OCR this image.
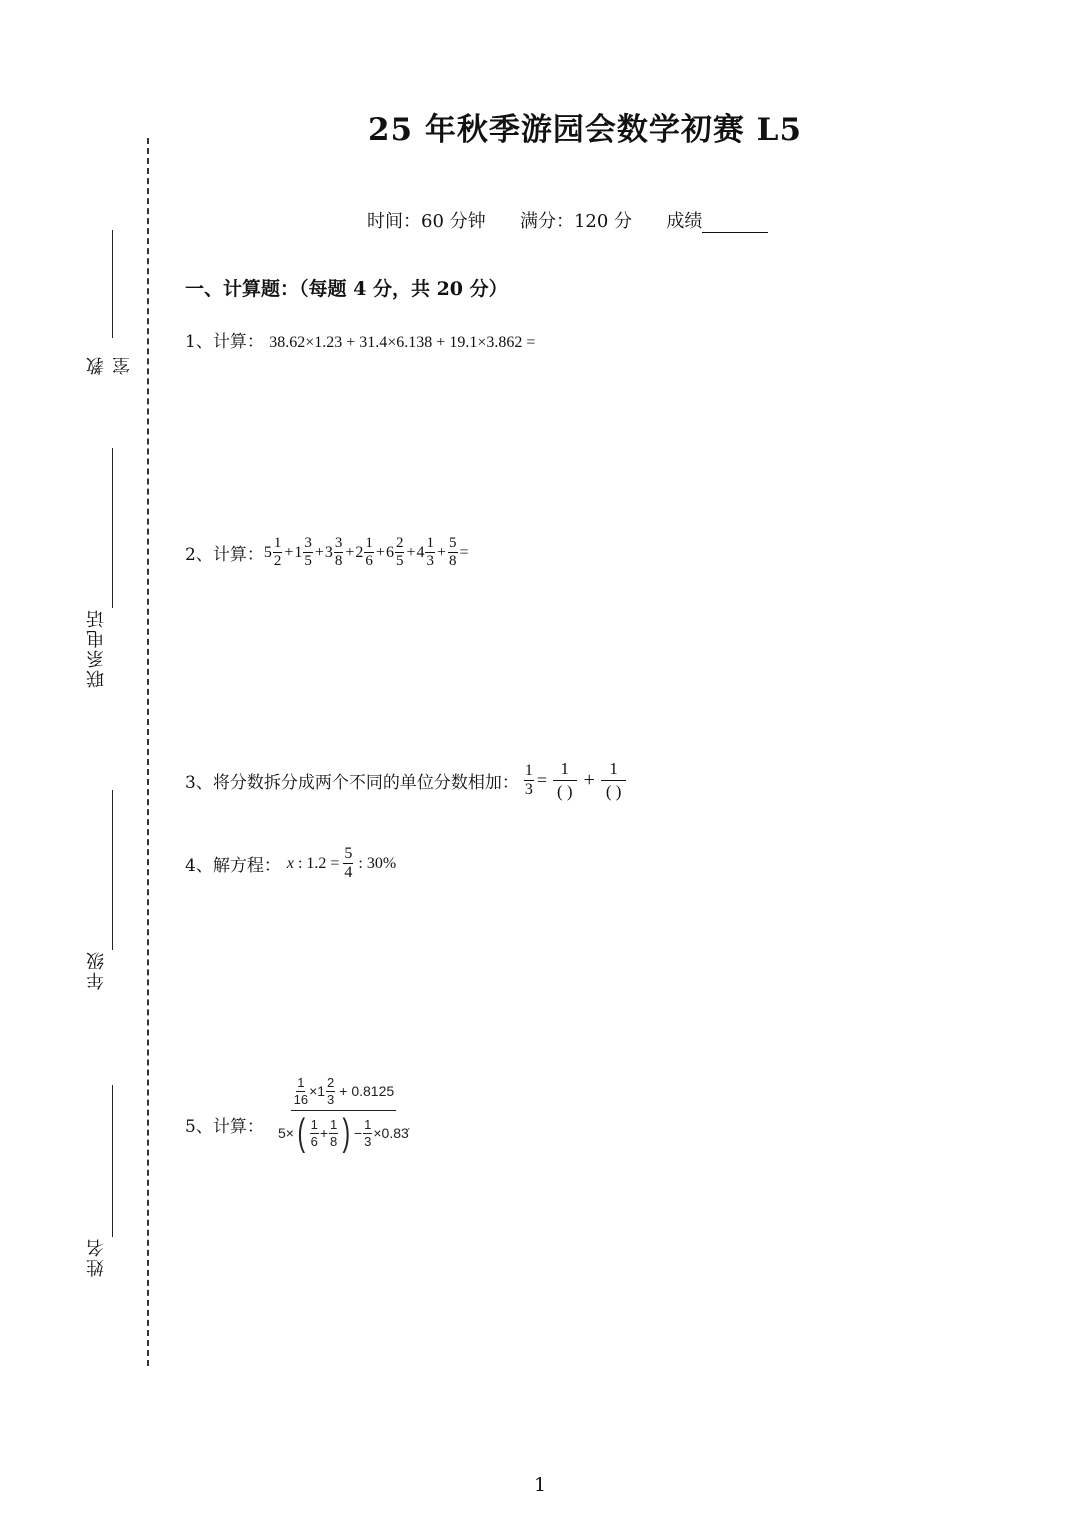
25 年秋季游园会数学初赛 L5
时间：60 分钟 满分：120 分 成绩
教室
联系电话
年级
姓名
一、计算题：（每题 4 分，共 20 分）
1、计算： 38.62×1.23 + 31.4×6.138 + 19.1×3.862 =
2、计算： $5 \frac{1}{2} + 1 \frac{3}{5} + 3 \frac{3}{8} + 2 \frac{1}{6} + 6 \frac{2}{5} + 4 \frac{1}{3} + \frac{5}{8}$ =
3、将分数拆分成两个不同的单位分数相加： $\frac{1}{3} = \frac{1}{( )} + \frac{1}{( )}$
4、解方程： x : $1.2 = \frac{5}{4}$ : 30%
5、计算：
$\frac{1}{16} \times 1 \frac{2}{3} + 0.8125$
5× ( $\frac{1}{6} + \frac{1}{8}$ ) − $\frac{1}{3}$ ×0.83̇
1
